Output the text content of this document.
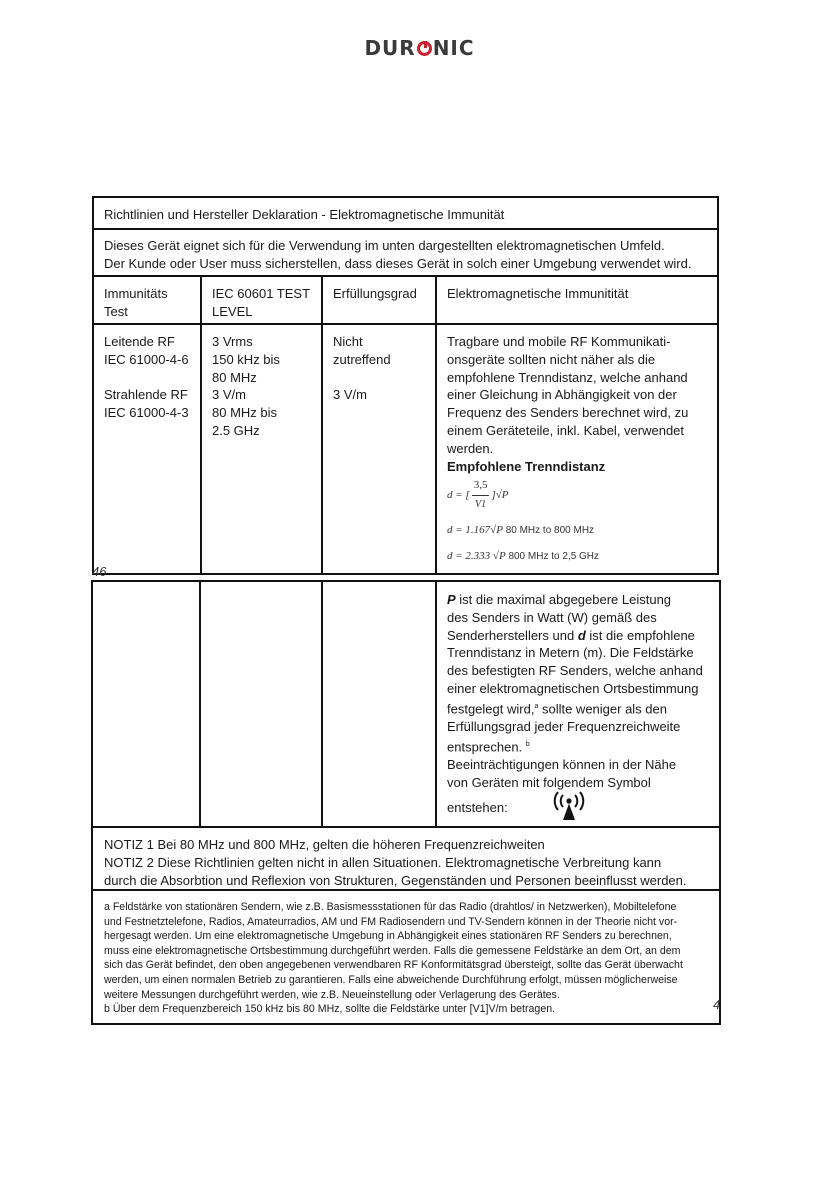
DUR NIC
Richtlinien und Hersteller Deklaration - Elektromagnetische Immunität
Dieses Gerät eignet sich für die Verwendung im unten dargestellten elektromagnetischen Umfeld.
Der Kunde oder User muss sicherstellen, dass dieses Gerät in solch einer Umgebung verwendet wird.
Immunitäts
Test
IEC 60601 TEST
LEVEL
Erfüllungsgrad	Elektromagnetische Immunitität
Leitende RF
IEC 61000-4-6
Strahlende RF
IEC 61000-4-3
3 Vrms
150 kHz bis
80 MHz
3 V/m
80 MHz bis
2.5 GHz
Nicht
zutreffend
3 V/m
Tragbare und mobile RF Kommunikati-
onsgeräte sollten nicht näher als die
empfohlene Trenndistanz, welche anhand
einer Gleichung in Abhängigkeit von der
Frequenz des Senders berechnet wird, zu
einem Geräteteile, inkl. Kabel, verwendet
werden.
Empfohlene Trenndistanz
d = [ $\frac{3,5}{V1} ]√P$
d = 1.167√P 80 MHz to 800 MHz
d = 2.333 √P 800 MHz to 2,5 GHz
46
P ist die maximal abgegebere Leistung
des Senders in Watt (W) gemäß des
Senderherstellers und d ist die empfohlene
Trenndistanz in Metern (m). Die Feldstärke
des befestigten RF Senders, welche anhand
einer elektromagnetischen Ortsbestimmung
festgelegt wird,$^a$ sollte weniger als den
Erfüllungsgrad jeder Frequenzreichweite
entsprechen. $^b$
Beeinträchtigungen können in der Nähe
von Geräten mit folgendem Symbol
entstehen:
NOTIZ 1 Bei 80 MHz und 800 MHz, gelten die höheren Frequenzreichweiten
NOTIZ 2 Diese Richtlinien gelten nicht in allen Situationen. Elektromagnetische Verbreitung kann
durch die Absorbtion und Reflexion von Strukturen, Gegenständen und Personen beeinflusst werden.
a Feldstärke von stationären Sendern, wie z.B. Basismessstationen für das Radio (drahtlos/ in Netzwerken), Mobiltelefone
und Festnetztelefone, Radios, Amateurradios, AM und FM Radiosendern und TV-Sendern können in der Theorie nicht vor-
hergesagt werden. Um eine elektromagnetische Umgebung in Abhängigkeit eines stationären RF Senders zu berechnen,
muss eine elektromagnetische Ortsbestimmung durchgeführt werden. Falls die gemessene Feldstärke an dem Ort, an dem
sich das Gerät befindet, den oben angegebenen verwendbaren RF Konformitätsgrad übersteigt, sollte das Gerät überwacht
werden, um einen normalen Betrieb zu garantieren. Falls eine abweichende Durchführung erfolgt, müssen möglicherweise
weitere Messungen durchgeführt werden, wie z.B. Neueinstellung oder Verlagerung des Gerätes.
b Über dem Frequenzbereich 150 kHz bis 80 MHz, sollte die Feldstärke unter [V1]V/m betragen.	4
